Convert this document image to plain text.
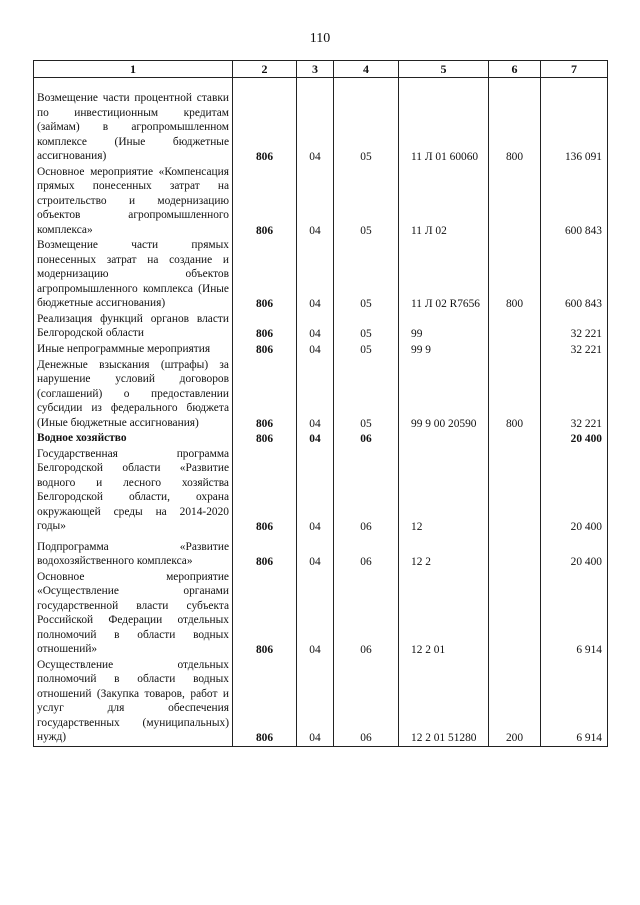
110
1	2	3	4	5	6	7
Возмещение части процентной ставки по инвестиционным кредитам (займам) в агропромышленном комплексе (Иные бюджетные ассигнования)	806	04	05	11 Л 01 60060	800	136 091
Основное мероприятие «Компенсация прямых понесенных затрат на строительство и модернизацию объектов агропромышленного комплекса»	806	04	05	11 Л 02		600 843
Возмещение части прямых понесенных затрат на создание и модернизацию объектов агропромышленного комплекса (Иные бюджетные ассигнования)	806	04	05	11 Л 02 R7656	800	600 843
Реализация функций органов власти Белгородской области	806	04	05	99		32 221
Иные непрограммные мероприятия	806	04	05	99 9		32 221
Денежные взыскания (штрафы) за нарушение условий договоров (соглашений) о предоставлении субсидии из федерального бюджета (Иные бюджетные ассигнования)	806	04	05	99 9 00 20590	800	32 221
Водное хозяйство	806	04	06			20 400
Государственная программа Белгородской области «Развитие водного и лесного хозяйства Белгородской области, охрана окружающей среды на 2014-2020 годы»	806	04	06	12		20 400
Подпрограмма «Развитие водохозяйственного комплекса»	806	04	06	12 2		20 400
Основное мероприятие «Осуществление органами государственной власти субъекта Российской Федерации отдельных полномочий в области водных отношений»	806	04	06	12 2 01		6 914
Осуществление отдельных полномочий в области водных отношений (Закупка товаров, работ и услуг для обеспечения государственных (муниципальных) нужд)	806	04	06	12 2 01 51280	200	6 914
